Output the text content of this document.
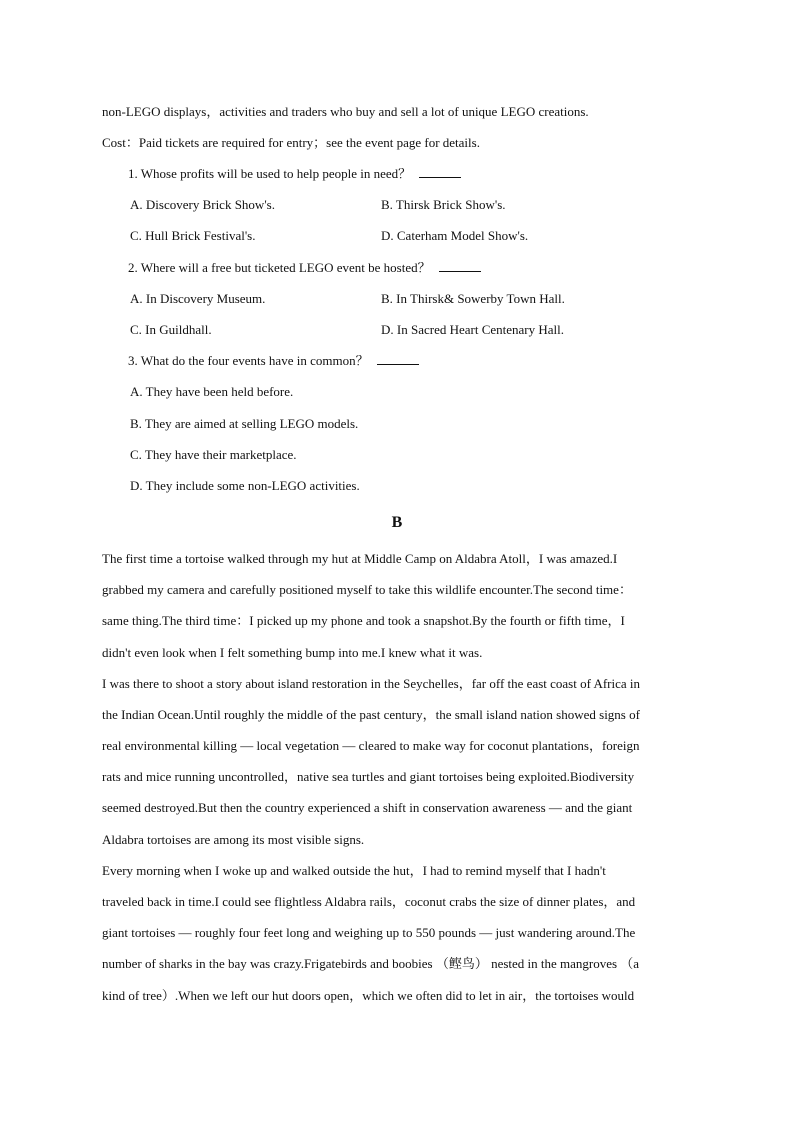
non-LEGO displays，activities and traders who buy and sell a lot of unique LEGO creations.
Cost：Paid tickets are required for entry；see the event page for details.
1. Whose profits will be used to help people in need？
A. Discovery Brick Show's.	B. Thirsk Brick Show's.
C. Hull Brick Festival's.	D. Caterham Model Show's.
2. Where will a free but ticketed LEGO event be hosted？
A. In Discovery Museum.	B. In Thirsk& Sowerby Town Hall.
C. In Guildhall.	D. In Sacred Heart Centenary Hall.
3. What do the four events have in common？
A. They have been held before.
B. They are aimed at selling LEGO models.
C. They have their marketplace.
D. They include some non-LEGO activities.
B
The first time a tortoise walked through my hut at Middle Camp on Aldabra Atoll，I was amazed.I
grabbed my camera and carefully positioned myself to take this wildlife encounter.The second time：
same thing.The third time：I picked up my phone and took a snapshot.By the fourth or fifth time，I
didn't even look when I felt something bump into me.I knew what it was.
I was there to shoot a story about island restoration in the Seychelles，far off the east coast of Africa in
the Indian Ocean.Until roughly the middle of the past century，the small island nation showed signs of
real environmental killing — local vegetation — cleared to make way for coconut plantations，foreign
rats and mice running uncontrolled，native sea turtles and giant tortoises being exploited.Biodiversity
seemed destroyed.But then the country experienced a shift in conservation awareness — and the giant
Aldabra tortoises are among its most visible signs.
Every morning when I woke up and walked outside the hut，I had to remind myself that I hadn't
traveled back in time.I could see flightless Aldabra rails，coconut crabs the size of dinner plates，and
giant tortoises — roughly four feet long and weighing up to 550 pounds — just wandering around.The
number of sharks in the bay was crazy.Frigatebirds and boobies （鲣鸟） nested in the mangroves （a
kind of tree）.When we left our hut doors open，which we often did to let in air，the tortoises would
